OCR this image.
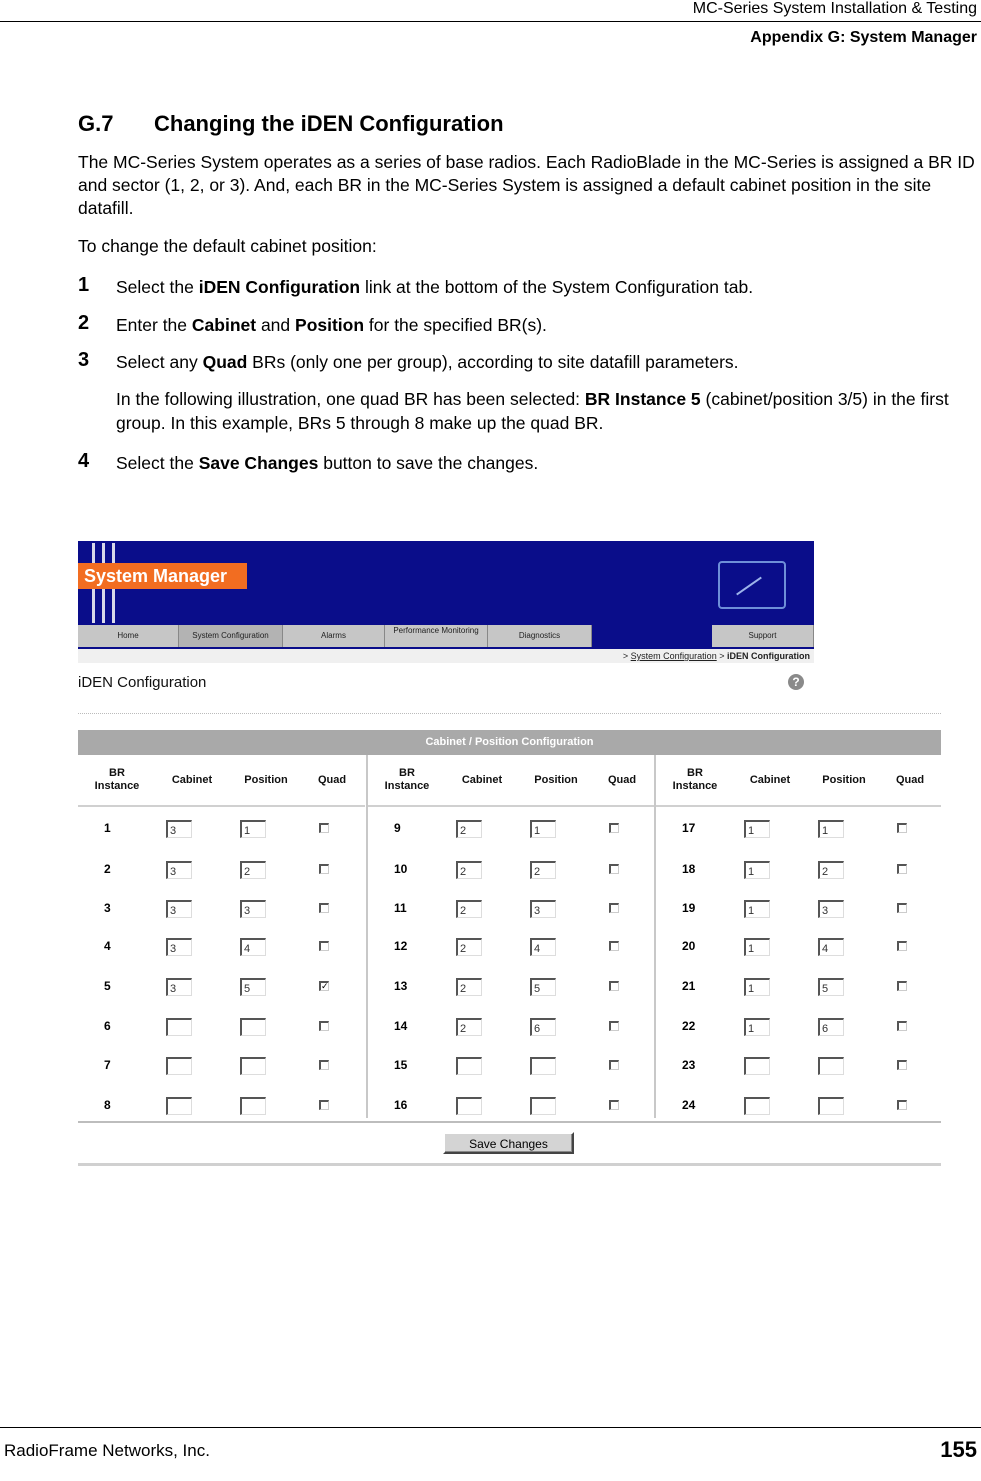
MC-Series System Installation & Testing
Appendix G: System Manager
G.7 Changing the iDEN Configuration
The MC-Series System operates as a series of base radios. Each RadioBlade in the MC-Series is assigned a BR ID and sector (1, 2, or 3). And, each BR in the MC-Series System is assigned a default cabinet position in the site datafill.
To change the default cabinet position:
1 Select the iDEN Configuration link at the bottom of the System Configuration tab.
2 Enter the Cabinet and Position for the specified BR(s).
3 Select any Quad BRs (only one per group), according to site datafill parameters.
In the following illustration, one quad BR has been selected: BR Instance 5 (cabinet/position 3/5) in the first group. In this example, BRs 5 through 8 make up the quad BR.
4 Select the Save Changes button to save the changes.
System Manager
Home	System Configuration	Alarms
Performance Monitoring
Diagnostics	Support
> System Configuration > iDEN Configuration
iDEN Configuration	?
Cabinet / Position Configuration
BR Instance	Cabinet	Position	Quad
1	3	1
2	3	2
3	3	3
4	3	4
5	3	5	✓
6
7
8
BR Instance	Cabinet	Position	Quad
9	2	1
10	2	2
11	2	3
12	2	4
13	2	5
14	2	6
15
16
BR Instance	Cabinet	Position	Quad
17	1	1
18	1	2
19	1	3
20	1	4
21	1	5
22	1	6
23
24
Save Changes
RadioFrame Networks, Inc.	155
